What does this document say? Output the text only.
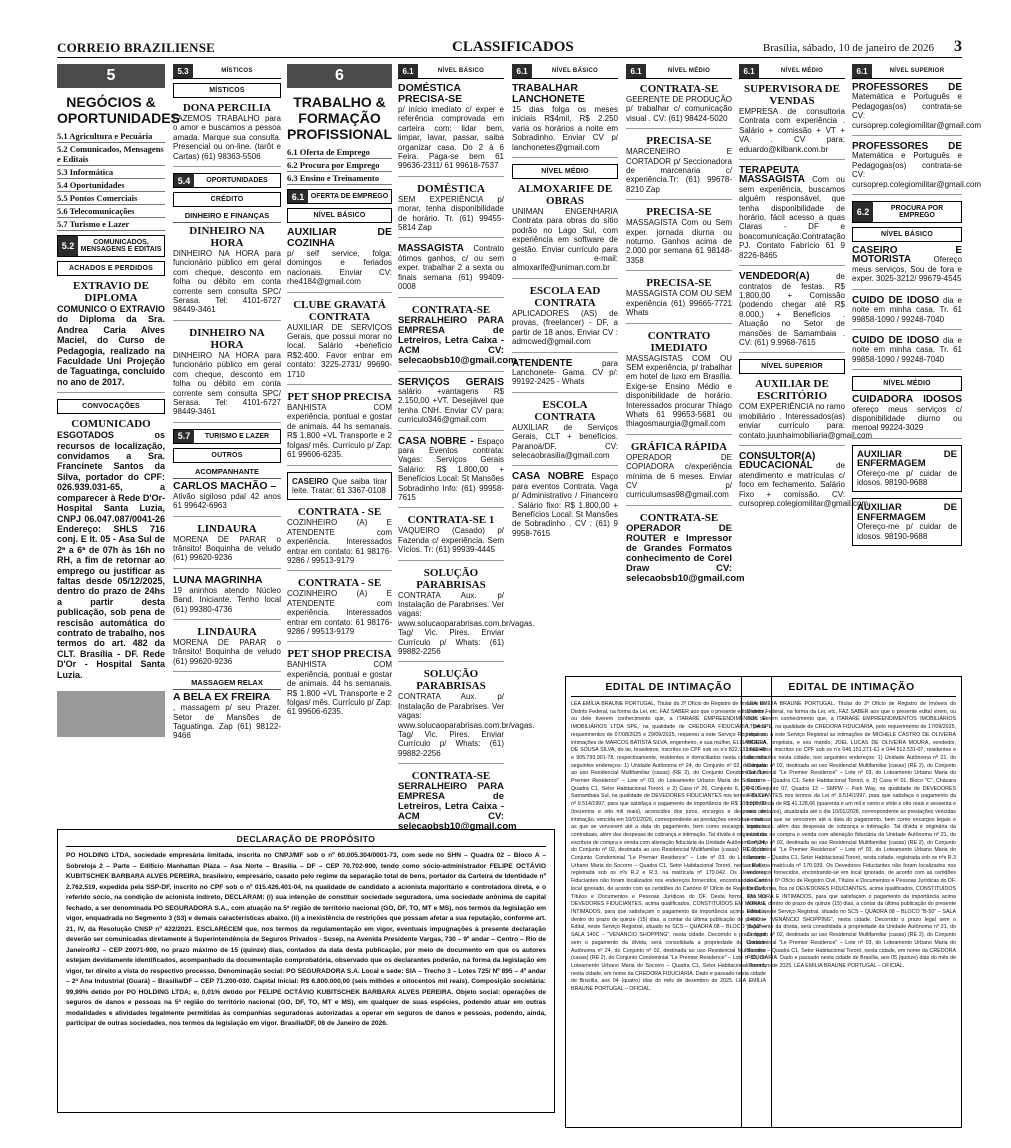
CORREIO BRAZILIENSE	CLASSIFICADOS	Brasília, sábado, 10 de janeiro de 2026 3
5
NEGÓCIOS & OPORTUNIDADES
5.1 Agricultura e Pecuária
5.2 Comunicados, Mensagens e Editais
5.3 Informática
5.4 Oportunidades
5.5 Pontos Comerciais
5.6 Telecomunicações
5.7 Turismo e Lazer
5.2	COMUNICADOS, MENSAGENS E EDITAIS
ACHADOS E PERDIDOS
EXTRAVIO DE DIPLOMA
COMUNICO O EXTRAVIO do Diploma da Sra. Andrea Caria Alves Maciel, do Curso de Pedagogia, realizado na Faculdade Uni Projeção de Taguatinga, concluído no ano de 2017.
CONVOCAÇÕES
COMUNICADO
ESGOTADOS os recursos de localização, convidamos a Sra. Francinete Santos da Silva, portador do CPF: 026.939.031-65, a comparecer à Rede D'Or-Hospital Santa Luzia, CNPJ 06.047.087/0041-26 Endereço: SHLS 716 conj. E lt. 05 - Asa Sul de 2ª a 6ª de 07h às 16h no RH, a fim de retornar ao emprego ou justificar as faltas desde 05/12/2025, dentro do prazo de 24hs a partir desta publicação, sob pena de rescisão automática do contrato de trabalho, nos termos do art. 482 da CLT. Brasília - DF. Rede D'Or - Hospital Santa Luzia.
5.3	MÍSTICOS
MÍSTICOS
DONA PERCILIA
FAZEMOS TRABALHO para o amor e buscamos a pessoa amada. Marque sua consulta. Presencial ou on-line. (tarôt e Cartas) (61) 98363-5506
5.4	OPORTUNIDADES
CRÉDITO
DINHEIRO E FINANÇAS
DINHEIRO NA HORA
DINHEIRO NA HORA para funcionário público em geral com cheque, desconto em folha ou débito em conta corrente sem consulta SPC/ Serasa. Tel: 4101-6727 98449-3461
DINHEIRO NA HORA
DINHEIRO NA HORA para funcionário público em geral com cheque, desconto em folha ou débito em conta corrente sem consulta SPC/ Serasa. Tel: 4101-6727 98449-3461
5.7	TURISMO E LAZER
OUTROS
ACOMPANHANTE
CARLOS MACHÃO –
Ativão sigiloso pdal 42 anos 61 99642-6963
LINDAURA
MORENA DE PARAR o trânsito! Boquinha de veludo (61) 99620-9236
LUNA MAGRINHA
19 aninhos atendo Núcleo Band. Iniciante. Tenho local (61) 99380-4736
LINDAURA
MORENA DE PARAR o trânsito! Boquinha de veludo (61) 99620-9236
MASSAGEM RELAX
A BELA EX FREIRA
, massagem p/ seu Prazer. Setor de Mansões de Taguatinga. Zap (61) 98122-9466
6
TRABALHO & FORMAÇÃO PROFISSIONAL
6.1 Oferta de Emprego
6.2 Procura por Emprego
6.3 Ensino e Treinamento
6.1 OFERTA DE EMPREGO
NÍVEL BÁSICO
AUXILIAR DE COZINHA
p/ self service, folga: domingos e feriados nacionais. Enviar CV: rhe4184@gmail.com
CLUBE GRAVATÁ CONTRATA
AUXILIAR DE SERVIÇOS Gerais, que possui morar no local. Salário +benefício R$2.400. Favor entrar em contato: 3225-2731/ 99690-1710
PET SHOP PRECISA
BANHISTA COM experiência, pontual e gostar de animais. 44 hs semanais. R$ 1.800 +VL Transporte e 2 folgas/ mês. Currículo p/ Zap: 61 99606-6235.
CASEIRO Que saiba tirar leite. Tratar: 61 3367-0108
CONTRATA - SE
COZINHEIRO (A) E ATENDENTE com experiência. Interessados entrar em contato: 61 98176-9286 / 99513-9179
CONTRATA - SE
COZINHEIRO (A) E ATENDENTE com experiência. Interessados entrar em contato: 61 98176-9286 / 99513-9179
PET SHOP PRECISA
BANHISTA COM experiência, pontual e gostar de animais. 44 hs semanais. R$ 1.800 +VL Transporte e 2 folgas/ mês. Currículo p/ Zap: 61 99606-6235.
6.1	NÍVEL BÁSICO
DOMÉSTICA PRECISA-SE
p/ início imediato c/ exper e referência comprovada em carteira com: lidar bem, limpar, lavar, passar, saiba organizar casa. Do 2 à 6 Feira. Paga-se bem 61 99636-2311/ 61 99618-7537
DOMÉSTICA
SEM EXPERIÊNCIA p/ morar, tenha disponibilidade de horário. Tr. (61) 99455-5814 Zap
MASSAGISTA Contrato ótimos ganhos, c/ ou sem exper. trabalhar 2 a sexta ou finais semana (61) 99409-0008
CONTRATA-SE
SERRALHEIRO PARA EMPRESA de Letreiros, Letra Caixa - ACM CV: selecaobsb10@gmail.com
SERVIÇOS GERAIS salário +vantagens R$ 2.150,00 +VT. Desejável que tenha CNH. Enviar CV para: curriculo346@gmail.com
CASA NOBRE - Espaço para Eventos contrata: Vagas: Serviços Gerais Salário: R$ 1.800,00 + Benefícios Local: St Mansões Sobradinho Info: (61) 99958-7615
CONTRATA-SE 1
VAQUEIRO (Casado) p/ Fazenda c/ experiência. Sem Vícios. Tr: (61) 99939-4445
SOLUÇÃO PARABRISAS
CONTRATA Aux. p/ Instalação de Parabrises. Ver vagas: www.solucaoparabrisas.com.br/vagas. Tag/ Vic. Pires. Enviar Currículo p/ Whats: (61) 99882-2256
SOLUÇÃO PARABRISAS
CONTRATA Aux. p/ Instalação de Parabrises. Ver vagas: www.solucaoparabrisas.com.br/vagas. Tag/ Vic. Pires. Enviar Currículo p/ Whats: (61) 99882-2256
CONTRATA-SE
SERRALHEIRO PARA EMPRESA de Letreiros, Letra Caixa - ACM CV: selecaobsb10@gmail.com
6.1	NÍVEL BÁSICO
TRABALHAR LANCHONETE
15 dias folga os meses iniciais R$4mil, R$ 2.250 varia os horários a noite em Sobradinho. Enviar CV p/ lanchonetes@gmail.com
NÍVEL MÉDIO
ALMOXARIFE DE OBRAS
UNIMAN ENGENHARIA Contrata para obras do sítio podrão no Lago Sul, com experiência em software de gestão. Enviar currículo para o e-mail: almoxarife@uniman.com.br
ESCOLA EAD CONTRATA
APLICADORES (AS) de provas, (freelancer) - DF, a partir de 18 anos. Enviar CV : admcwed@gmail.com
ATENDENTE	para Lanchonete- Gama. CV p/: 99192-2425 - Whats
ESCOLA CONTRATA
AUXILIAR de Serviços Gerais, CLT + benefícios. Paranoá/DF. CV: selecaobrasilia@gmail.com
CASA NOBRE Espaço para eventos Contrata. Vaga p/ Administrativo / Financeiro . Salário fixo: R$ 1.800,00 + Benefícios Local: St Mansões de Sobradinho . CV : (61) 9 9958-7615
6.1	NÍVEL MÉDIO
CONTRATA-SE
GEERENTE DE PRODUÇÃO p/ trabalhar c/ comunicação visual . CV: (61) 98424-5020
PRECISA-SE
MARCENEIRO E CORTADOR p/ Seccionadora de marcenaria c/ experiência.Tr: (61) 99678-8210 Zap
PRECISA-SE
MASSAGISTA Com ou Sem exper. jornada diurna ou noturno. Ganhos acima de 2.000 por semana 61 98148-3358
PRECISA-SE
MASSAGISTA COM OU SEM experiência (61) 99665-7721 Whats
CONTRATO IMEDIATO
MASSAGISTAS COM OU SEM experiência, p/ trabalhar em hotel de luxo em Brasília. Exige-se Ensino Médio e disponibilidade de horário. Interessados procurar Thiago Whats 61 99653-5681 ou thiagosmaurgia@gmail.com
GRÁFICA RÁPIDA
OPERADOR DE COPIADORA c/experiência mínima de 6 meses. Enviar CV p/ curriculumsas98@gmail.com
CONTRATA-SE
OPERADOR DE ROUTER e Impressor de Grandes Formatos conhecimento de Corel Draw CV: selecaobsb10@gmail.com
6.1	NÍVEL MÉDIO
SUPERVISORA DE VENDAS
EMPRESA de consultoria Contrata com experiência . Salário + comissão + VT + VA . CV para: eduardo@kilbank.com.br
TERAPEUTA MASSAGISTA Com ou sem experiência, buscamos alguém responsável, que tenha disponibilidade de horário, fácil acesso a quas Claras - DF e boacomunicação.Contratação PJ. Contato Fabrício 61 9 8226-8465
VENDEDOR(A)	de contratos de festas. R$ 1.800,00 + Comissão (podendo chegar até R$ 8.000,) + Benefícios . Atuação no Setor de mansões de Samambaia . CV: (61) 9.9968-7615
NÍVEL SUPERIOR
AUXILIAR DE ESCRITÓRIO
COM EXPERIÊNCIA no ramo imobiliário . Interessados(as) enviar currículo para: contato.juunhaimobiliaria@gmail.com
CONSULTOR(A) EDUCACIONAL	de atendimento e matrículas c/ foco em fechamento. Salário Fixo + comissão. CV: cursoprep.colegiomilitar@gmail.com
6.1	NÍVEL SUPERIOR
PROFESSORES DE Matemática e Português e Pedagogas(os) contrata-se CV: cursoprep.colegiomilitar@gmail.com
PROFESSORES DE Matemática e Português e Pedagogas(os) contrata-se CV: cursoprep.colegiomilitar@gmail.com
6.2	PROCURA POR EMPREGO
NÍVEL BÁSICO
CASEIRO E MOTORISTA	Ofereço meus serviços, Sou de fora e exper. 3025-3212/ 99679-4545
CUIDO DE IDOSO dia e noite em minha casa. Tr. 61 99858-1090 / 99248-7040
CUIDO DE IDOSO dia e noite em minha casa. Tr. 61 99858-1090 / 99248-7040
NÍVEL MÉDIO
CUIDADORA IDOSOS ofereço meus serviços c/ disponibilidade diurno ou menoal 99224-3029
AUXILIAR DE ENFERMAGEM Ofereço-me p/ cuidar de idosos. 98190-9688
AUXILIAR DE ENFERMAGEM Ofereço-me p/ cuidar de idosos. 98190-9688
DECLARAÇÃO DE PROPÓSITO
PO HOLDING LTDA, sociedade empresária limitada, inscrita no CNPJ/MF sob o nº 60.005.304/0001-73, com sede no SHN – Quadra 02 – Bloco A – Sobreloja 2 – Parte – Edifício Manhattan Plaza – Asa Norte – Brasília – DF – CEP 70.702-900, tendo como sócio-administrador FELIPE OCTÁVIO KUBITSCHEK BARBARA ALVES PEREIRA, brasileiro, empresário, casado pelo regime da separação total de bens, portador da Carteira de Identidade nº 2.762.519, expedida pela SSP-DF, inscrito no CPF sob o nº 015.426.401-04, na qualidade de candidato a acionista majoritário e controladora direta, e o referido sócio, na condição de acionista indireto, DECLARAM: (i) sua intenção de constituir sociedade seguradora, uma sociedade anônima de capital fechado, a ser denominada PO SEGURADORA S.A., com atuação na 5ª região de território nacional (GO, DF, TO, MT e MS), nos termos da legislação em vigor, enquadrada no Segmento 3 (S3) e demais características abaixo. (ii) a inexistência de restrições que possam afetar a sua reputação, conforme art. 21, IV, da Resolução CNSP nº 422/2021. ESCLARECEM que, nos termos da regulamentação em vigor, eventuais impugnações à presente declaração deverão ser comunicadas diretamente à Superintendência de Seguros Privados - Susep, na Avenida Presidente Vargas, 730 – 9º andar – Centro – Rio de Janeiro/RJ – CEP 20071-900, no prazo máximo de 15 (quinze) dias, contados da data desta publicação, por meio de documento em que os autores estejam devidamente identificados, acompanhado da documentação comprobatória, observado que os declarantes poderão, na forma da legislação em vigor, ter direito a vista do respectivo processo. Denominação social: PO SEGURADORA S.A. Local e sede: SIA – Trecho 3 – Lotes 725/ Nº 895 – 4º andar – 2ª Ana Industrial (Guará) – Brasília/DF – CEP 71.200-030. Capital Inicial: R$ 6.800.000,00 (seis milhões e oitocentos mil reais). Composição societária: 99,99% detido por PO HOLDING LTDA; e, 0,01% detido por FELIPE OCTÁVIO KUBITSCHEK BARBARA ALVES PEREIRA. Objeto social: operações de seguros de danos e pessoas na 5ª região do território nacional (GO, DF, TO, MT e MS), em qualquer de suas espécies, podendo atuar em outras modalidades e atividades legalmente permitidas às companhias seguradoras autorizadas a operar em seguros de danos e pessoas, podendo, ainda, participar de outras sociedades, nos termos da legislação em vigor. Brasília/DF, 08 de Janeiro de 2026.
EDITAL DE INTIMAÇÃO
LÉA EMÍLIA BRAUNE PORTUGAL, Titular do 2º Ofício de Registro de Imóveis do Distrito Federal, na forma da Lei, etc. FAZ SABER aos que o presente edital virem, ou dele tiverem conhecimento que, a ITARARÉ EMPREENDIMENTOS E IMOBILIÁRIOS LTDA SPE, na qualidade de CREDORA FIDUCIÁRIA, pelos requerimentos de 07/08/2025 e 29/09/2025, requereu a este Serviço Registral as intimações de MARCOS BATISTA SILVA, engenheiro, e sua mulher, ELISANGELA DE SOUSA SILVA, do lar, brasileiros, inscritos no CPF sob os n's 822.931.661-49 e 905.793.901-78, respectivamente, residentes e domiciliados nesta cidade, nos seguintes endereços: 1) Unidade Autônoma nº 24, do Conjunto nº 02, destinada ao uso Residencial Multifamiliar (casas) (RE 2), do Conjunto Condominial "Le Premier Residence" – Lote nº 03, do Loteamento Urbano Maria do Socorro – Quadra C1, Setor Habitacional Tororó, e 2) Casa nº 26, Conjunto 6, QR 105 – Samambaia Sul, na qualidade de DEVEDORES FIDUCIANTES nos termos da Lei nº 9.514/1997, para que satisfaça o pagamento de importância de R$ 308.000,00 (trezentos e oito mil reais), acrescidos dos juros, encargos e despesas de intimação, vencida em 10/01/2026, correspondente as prestações vencidas e mais as que se vencerem até a data do pagamento, bem como encargos legais e contratuais, além das despesas de cobrança e intimação. Tal dívida é originária da escritura de compra e venda com alienação fiduciária da Unidade Autônoma nº 24, do Conjunto nº 02, destinada ao uso Residencial Multifamiliar (casas) (RE 2), do Conjunto Condominial "Le Premier Residence" – Lote nº 03, do Loteamento Urbano Maria do Socorro – Quadra C1, Setor Habitacional Tororó, nesta cidade, registrada sob os nºs R.2 e R.3, na matrícula nº 170.042. Os Devedores Fiduciantes não foram localizados nos endereços fornecidos, encontrando-se em local ignorado, de acordo com as certidões do Cartório 6º Ofício de Registro Civil, Títulos e Documentos e Pessoas Jurídicas do DF. Desta forma, fica os DEVEDORES FIDUCIANTES, acima qualificados, CONSTITUÍDOS EM MORA E INTIMADOS, para que satisfaçam o pagamento da importância acima referida, dentro do prazo de quinze (15) dias, a contar da última publicação do presente Edital, neste Serviço Registral, situado no SCS – QUADRA 08 – BLOCO "B-50" – SALA 140C – "VENÂNCIO SHOPPING", nesta cidade. Decorrido o prazo legal sem o pagamento da dívida, será consolidada a propriedade da Unidade Autônoma nº 24, do Conjunto nº 02, destinada ao uso Residencial Multifamiliar (casas) (RE 2), do Conjunto Condominial "Le Premier Residence" – Lote nº 03, do Loteamento Urbano Maria do Socorro – Quadra C1, Setor Habitacional Tororó, nesta cidade, em nome da CREDORA FIDUCIÁRIA. Dado e passado nesta cidade de Brasília, aos 04 (quatro) dias do mês de dezembro de 2025. LÉA EMÍLIA BRAUNE PORTUGAL – OFICIAL.
EDITAL DE INTIMAÇÃO
LÉA EMÍLIA BRAUNE PORTUGAL, Titular do 2º Ofício de Registro de Imóveis do Distrito Federal, na forma da Lei, etc. FAZ SABER aos que o presente edital virem, ou dele tiverem conhecimento que, a ITARARÉ EMPREENDIMENTOS IMOBILIÁRIOS LTDA SPE, na qualidade de CREDORA FIDUCIÁRIA, pelo requerimento de 17/09/2025, requereu a este Serviço Registral as intimações de MICHELE CASTRO DE OLIVEIRA MOURA, projetista, e seu marido, JOEL LUCAS DE OLIVEIRA MOURA, vendedor, brasileiros, inscritos no CPF sob os n's 046.151.271-61 e 044.512.531-07, residentes e domiciliados nesta cidade, nos seguintes endereços: 1) Unidade Autônoma nº 21, do Conjunto nº 02, destinada ao uso Residencial Multifamiliar (casas) (RE 2), do Conjunto Condominial "Le Premier Residence" – Lote nº 03, do Loteamento Urbano Maria do Socorro – Quadra C1, Setor Habitacional Tororó, e, 2) Casa nº 01, Bloco "C", Chácara 04, Conjunto 07, Quadra 13 – SMPW – Park Way, na qualidade de DEVEDORES FIDUCIANTES nos termos da Lei nº 9.514/1997, para que satisfaça o pagamento da importância de R$ 41.128,66 (quarenta e um mil e cento e vinte e oito reais e sessenta e seis centavos), atualizada até o dia 10/01/2026, correspondente as prestações vencidas e mais as que se vencerem até a data do pagamento, bem como encargos legais e contratuais, além das despesas de cobrança e intimação. Tal dívida é originária da escritura de compra e venda com alienação fiduciária da Unidade Autônoma nº 21, do Conjunto nº 02, destinada ao uso Residencial Multifamiliar (casas) (RE 2), do Conjunto Condominial "Le Premier Residence" – Lote nº 03, do Loteamento Urbano Maria do Socorro – Quadra C1, Setor Habitacional Tororó, nesta cidade, registrada sob os nºs R.3 e R.4, na matrícula nº 170.039. Os Devedores Fiduciantes não foram localizados nos endereços fornecidos, encontrando-se em local ignorado, de acordo com as certidões do Cartório 6º Ofício de Registro Civil, Títulos e Documentos e Pessoas Jurídicas do DF. Desta forma, fica os DEVEDORES FIDUCIANTES, acima qualificados, CONSTITUÍDOS EM MORA E INTIMADOS, para que satisfaçam o pagamento da importância acima referida, dentro do prazo de quinze (15) dias, a contar da última publicação do presente Edital, neste Serviço Registral, situado no SCS – QUADRA 08 – BLOCO "B-50" – SALA 140C – "VENÂNCIO SHOPPING", nesta cidade. Decorrido o prazo legal sem o pagamento da dívida, será consolidada a propriedade da Unidade Autônoma nº 21, do Conjunto nº 02, destinada ao uso Residencial Multifamiliar (casas) (RE 2), do Conjunto Condominial "Le Premier Residence" – Lote nº 03, do Loteamento Urbano Maria do Socorro – Quadra C1, Setor Habitacional Tororó, nesta cidade, em nome da CREDORA FIDUCIÁRIA. Dado e passado nesta cidade de Brasília, aos 05 (quinze) dias do mês de dezembro de 2025. LÉA EMÍLIA BRAUNE PORTUGAL – OFICIAL.
